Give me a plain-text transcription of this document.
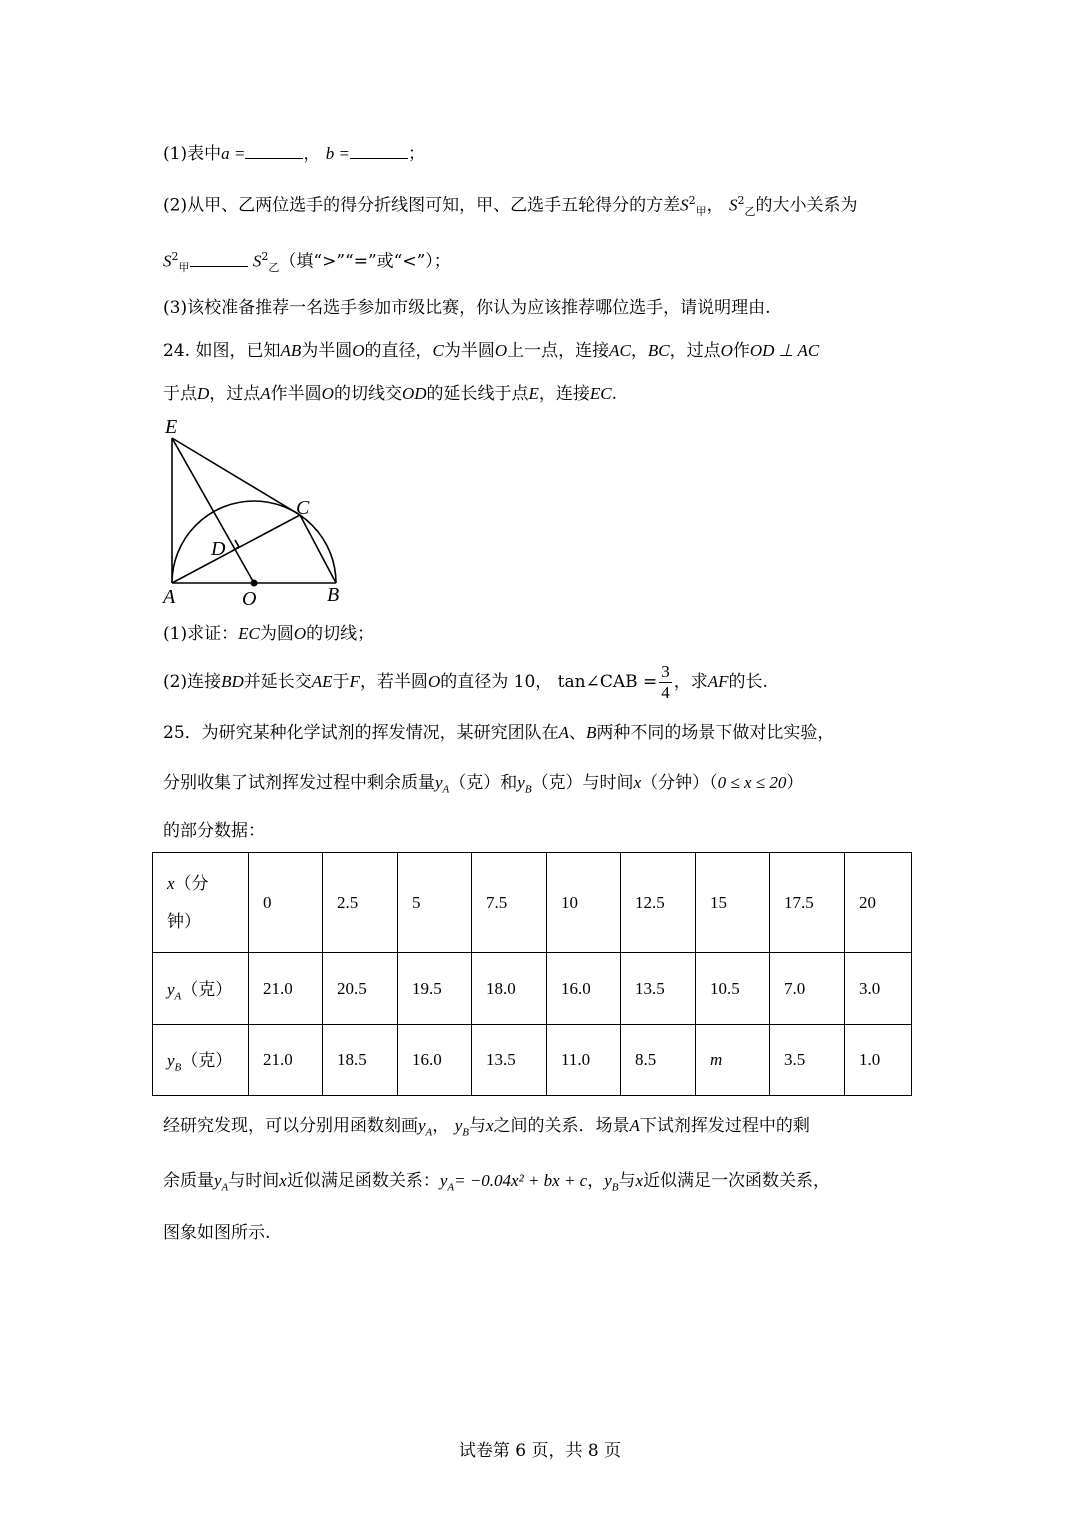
(1)表中a =	， b =	；
(2)从甲、乙两位选手的得分折线图可知，甲、乙选手五轮得分的方差$S^2_甲$， $S^2_乙$的大小关系为
$S^2_甲$	$S^2_乙$（填“>”“=”或“<”）；
(3)该校准备推荐一名选手参加市级比赛，你认为应该推荐哪位选手，请说明理由.
24. 如图，已知AB为半圆O的直径，C为半圆O上一点，连接AC，BC，过点O作OD ⊥ AC
于点D，过点A作半圆O的切线交OD的延长线于点E，连接EC.
E
C
D
A	O	B
(1)求证：EC为圆O的切线；
(2)连接BD并延长交AE于F，若半圆O的直径为 10， tan∠CAB = $\frac{3}{4}$ ，求AF的长.
25．为研究某种化学试剂的挥发情况，某研究团队在A、B两种不同的场景下做对比实验，
分别收集了试剂挥发过程中剩余质量$y_A$（克）和$y_B$（克）与时间x（分钟）（0 ≤ x ≤ 20）
的部分数据：
x（分
钟）	0	2.5	5	7.5	10	12.5	15	17.5	20
$y_A$（克）	21.0	20.5	19.5	18.0	16.0	13.5	10.5	7.0	3.0
$y_B$（克）	21.0	18.5	16.0	13.5	11.0	8.5	m	3.5	1.0
经研究发现，可以分别用函数刻画$y_A$， $y_B$与x之间的关系．场景A下试剂挥发过程中的剩
余质量$y_A$与时间x近似满足函数关系：$y_A= -0.04x^2$ + bx + c，$y_B$与x近似满足一次函数关系，
图象如图所示.
试卷第 6 页，共 8 页
